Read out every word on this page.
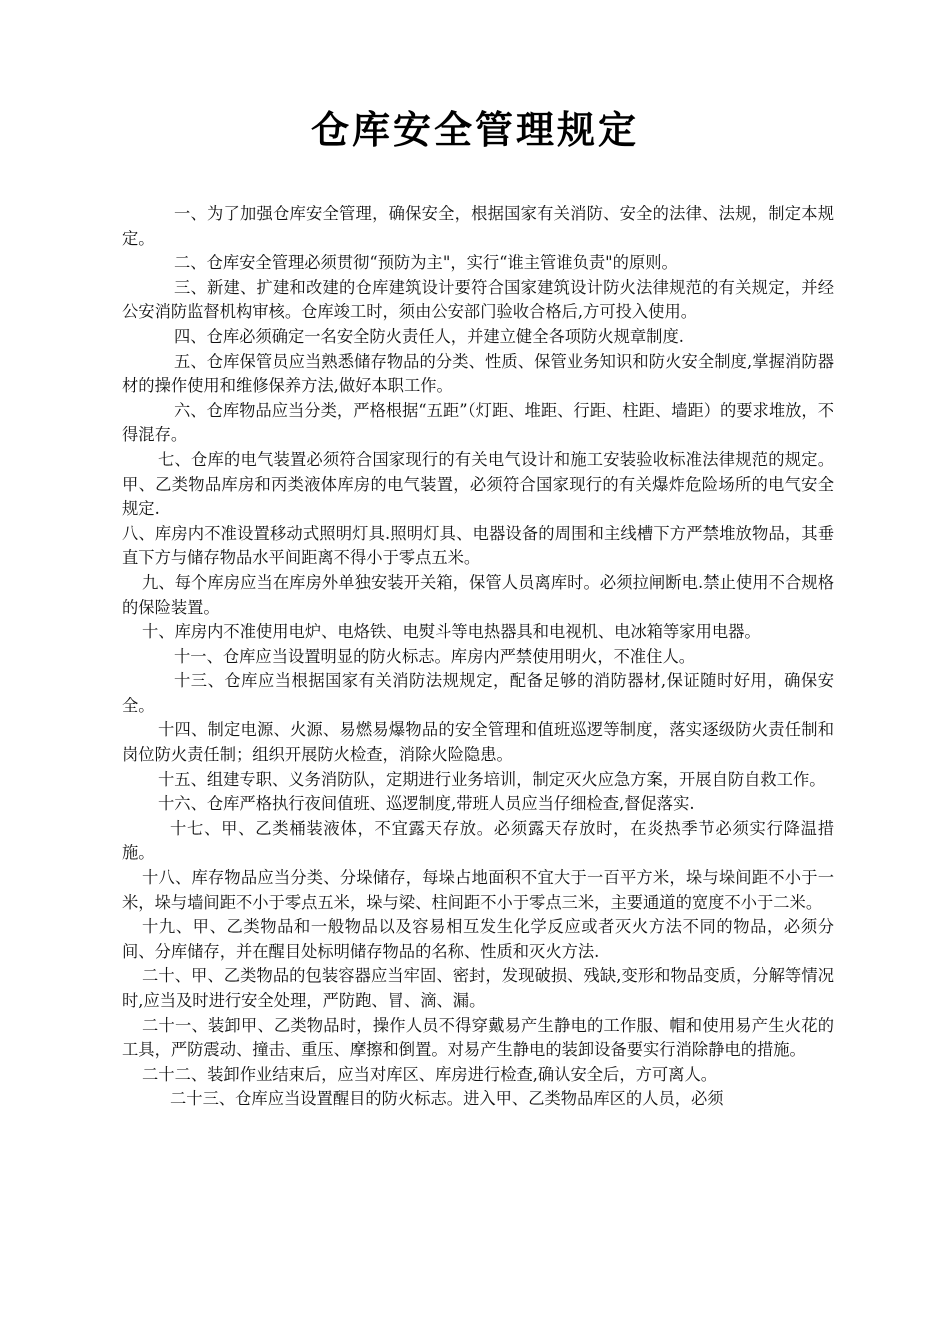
仓库安全管理规定

一、为了加强仓库安全管理，确保安全，根据国家有关消防、安全的法律、法规，制定本规定。

二、仓库安全管理必须贯彻“预防为主"，实行“谁主管谁负责"的原则。

三、新建、扩建和改建的仓库建筑设计要符合国家建筑设计防火法律规范的有关规定，并经公安消防监督机构审核。仓库竣工时，须由公安部门验收合格后,方可投入使用。

四、仓库必须确定一名安全防火责任人，并建立健全各项防火规章制度.

五、仓库保管员应当熟悉储存物品的分类、性质、保管业务知识和防火安全制度,掌握消防器材的操作使用和维修保养方法,做好本职工作。

六、仓库物品应当分类，严格根据“五距”（灯距、堆距、行距、柱距、墙距）的要求堆放，不得混存。

七、仓库的电气装置必须符合国家现行的有关电气设计和施工安装验收标准法律规范的规定。甲、乙类物品库房和丙类液体库房的电气装置，必须符合国家现行的有关爆炸危险场所的电气安全规定.

八、库房内不准设置移动式照明灯具.照明灯具、电器设备的周围和主线槽下方严禁堆放物品，其垂直下方与储存物品水平间距离不得小于零点五米。

九、每个库房应当在库房外单独安装开关箱，保管人员离库时。必须拉闸断电.禁止使用不合规格的保险装置。

十、库房内不准使用电炉、电烙铁、电熨斗等电热器具和电视机、电冰箱等家用电器。

十一、仓库应当设置明显的防火标志。库房内严禁使用明火，不准住人。

十三、仓库应当根据国家有关消防法规规定，配备足够的消防器材,保证随时好用，确保安全。

十四、制定电源、火源、易燃易爆物品的安全管理和值班巡逻等制度，落实逐级防火责任制和岗位防火责任制；组织开展防火检查，消除火险隐患。

十五、组建专职、义务消防队，定期进行业务培训，制定灭火应急方案，开展自防自救工作。

十六、仓库严格执行夜间值班、巡逻制度,带班人员应当仔细检查,督促落实.

十七、甲、乙类桶装液体，不宜露天存放。必须露天存放时，在炎热季节必须实行降温措施。

十八、库存物品应当分类、分垛储存，每垛占地面积不宜大于一百平方米，垛与垛间距不小于一米，垛与墙间距不小于零点五米，垛与梁、柱间距不小于零点三米，主要通道的宽度不小于二米。

十九、甲、乙类物品和一般物品以及容易相互发生化学反应或者灭火方法不同的物品，必须分间、分库储存，并在醒目处标明储存物品的名称、性质和灭火方法.

二十、甲、乙类物品的包装容器应当牢固、密封，发现破损、残缺,变形和物品变质，分解等情况时,应当及时进行安全处理，严防跑、冒、滴、漏。

二十一、装卸甲、乙类物品时，操作人员不得穿戴易产生静电的工作服、帽和使用易产生火花的工具，严防震动、撞击、重压、摩擦和倒置。对易产生静电的装卸设备要实行消除静电的措施。

二十二、装卸作业结束后，应当对库区、库房进行检查,确认安全后，方可离人。

二十三、仓库应当设置醒目的防火标志。进入甲、乙类物品库区的人员，必须
